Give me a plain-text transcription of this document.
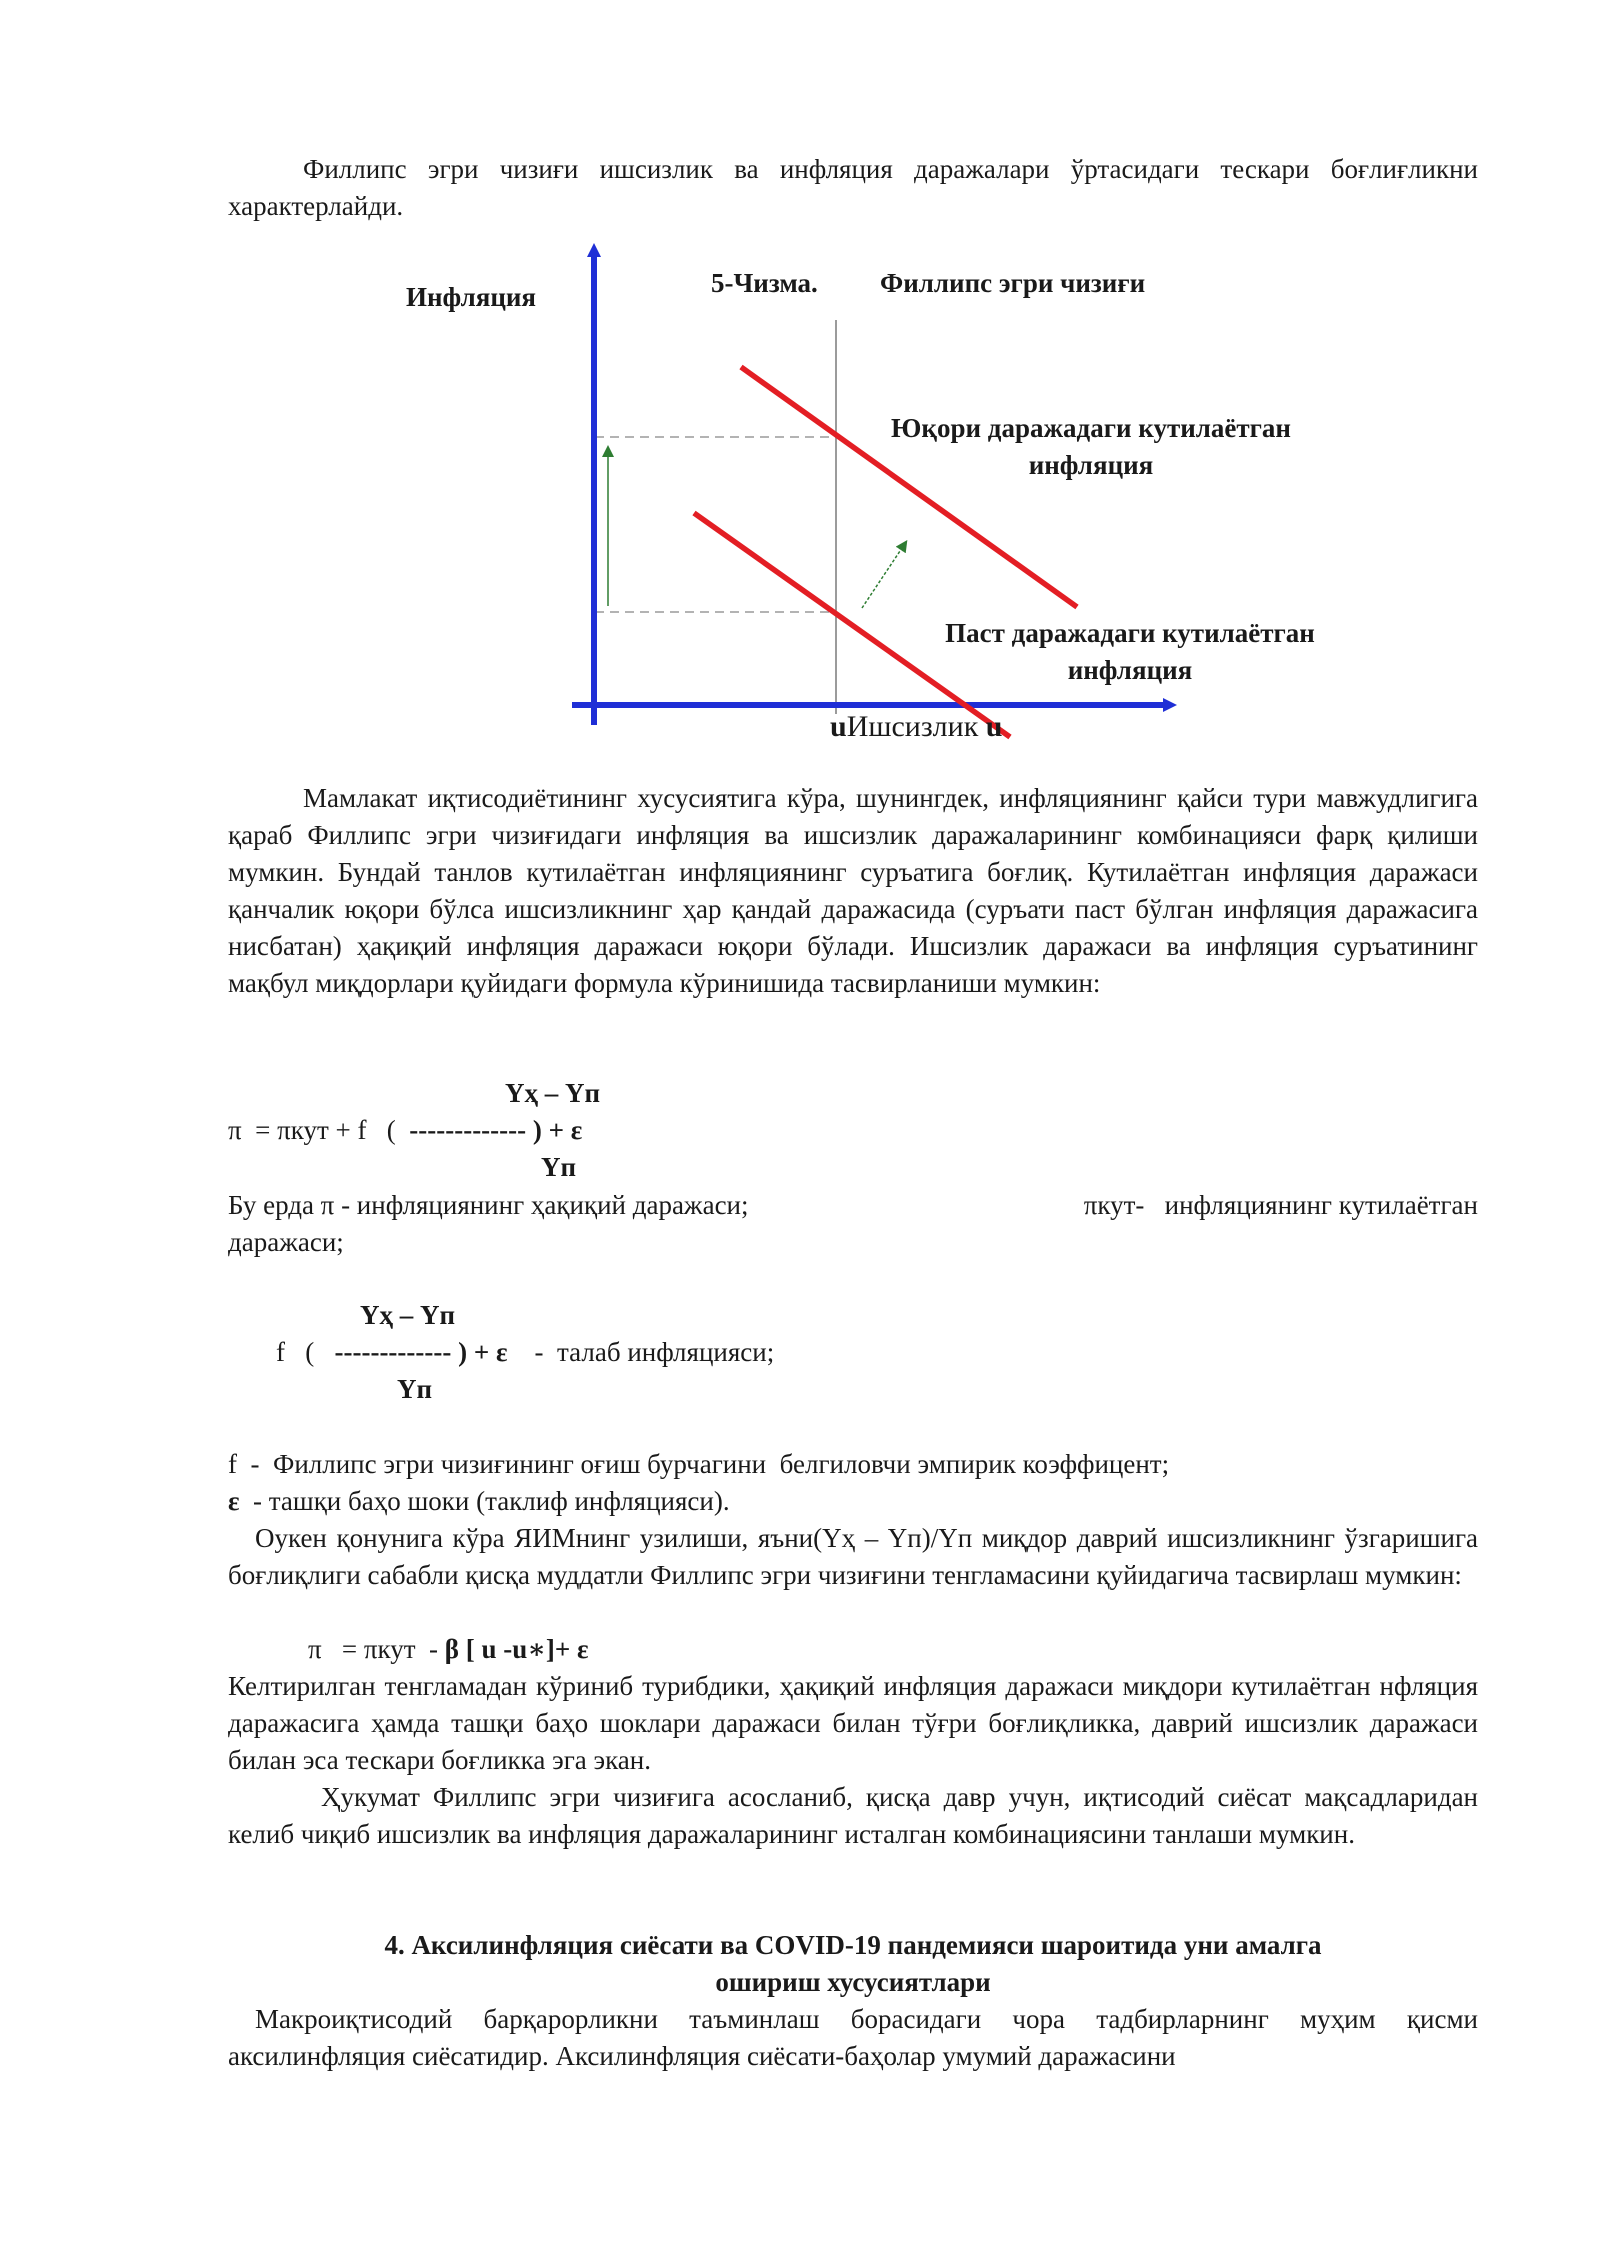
Филлипс эгри чизиғи ишсизлик ва инфляция даражалари ўртасидаги тескари боғлиғликни характерлайди.

Инфляция	5-Чизма. Филлипс эгри чизиғи
Юқори даражадаги кутилаётган
инфляция
Паст даражадаги кутилаётган
инфляция
uИшсизлик u

Мамлакат иқтисодиётининг хусусиятига кўра, шунингдек, инфляциянинг қайси тури мавжудлигига қараб Филлипс эгри чизиғидаги инфляция ва ишсизлик даражаларининг комбинацияси фарқ қилиши мумкин. Бундай танлов кутилаётган инфляциянинг суръатига боғлиқ. Кутилаётган инфляция даражаси қанчалик юқори бўлса ишсизликнинг ҳар қандай даражасида (суръати паст бўлган инфляция даражасига нисбатан) ҳақиқий инфляция даражаси юқори бўлади. Ишсизлик даражаси ва инфляция суръатининг мақбул миқдорлари қуйидаги формула кўринишида тасвирланиши мумкин:

Yҳ – Yп
π  = πкут + f   (  ------------- ) + ε
Yп
Бу ерда π - инфляциянинг ҳақиқий даражаси;	πкут-   инфляциянинг кутилаётган
даражаси;
Yҳ – Yп
f   (   ------------- ) + ε    -  талаб инфляцияси;
Yп
f  -  Филлипс эгри чизиғининг оғиш бурчагини  белгиловчи эмпирик коэффицент;
ε  - ташқи баҳо шоки (таклиф инфляцияси).

Оукен қонунига кўра ЯИМнинг узилиши, яъни(Yҳ – Yп)/Yп миқдор даврий ишсизликнинг ўзгаришига боғлиқлиги сабабли қисқа муддатли Филлипс эгри чизиғини тенгламасини қуйидагича тасвирлаш мумкин:

π   = πкут  - β [ u -u∗]+ ε

Келтирилган тенгламадан кўриниб турибдики, ҳақиқий инфляция даражаси миқдори кутилаётган нфляция даражасига ҳамда ташқи баҳо шоклари даражаси билан тўғри боғлиқликка, даврий ишсизлик даражаси билан эса тескари боғликка эга экан.

Ҳукумат Филлипс эгри чизиғига асосланиб, қисқа давр учун, иқтисодий сиёсат мақсадларидан келиб чиқиб ишсизлик ва инфляция даражаларининг исталган комбинациясини танлаши мумкин.

4. Аксилинфляция сиёсати ва COVID-19 пандемияси шароитида уни амалга
ошириш хусусиятлари

Макроиқтисодий барқарорликни таъминлаш борасидаги чора тадбирларнинг муҳим қисми аксилинфляция сиёсатидир. Аксилинфляция сиёсати-баҳолар умумий даражасини
